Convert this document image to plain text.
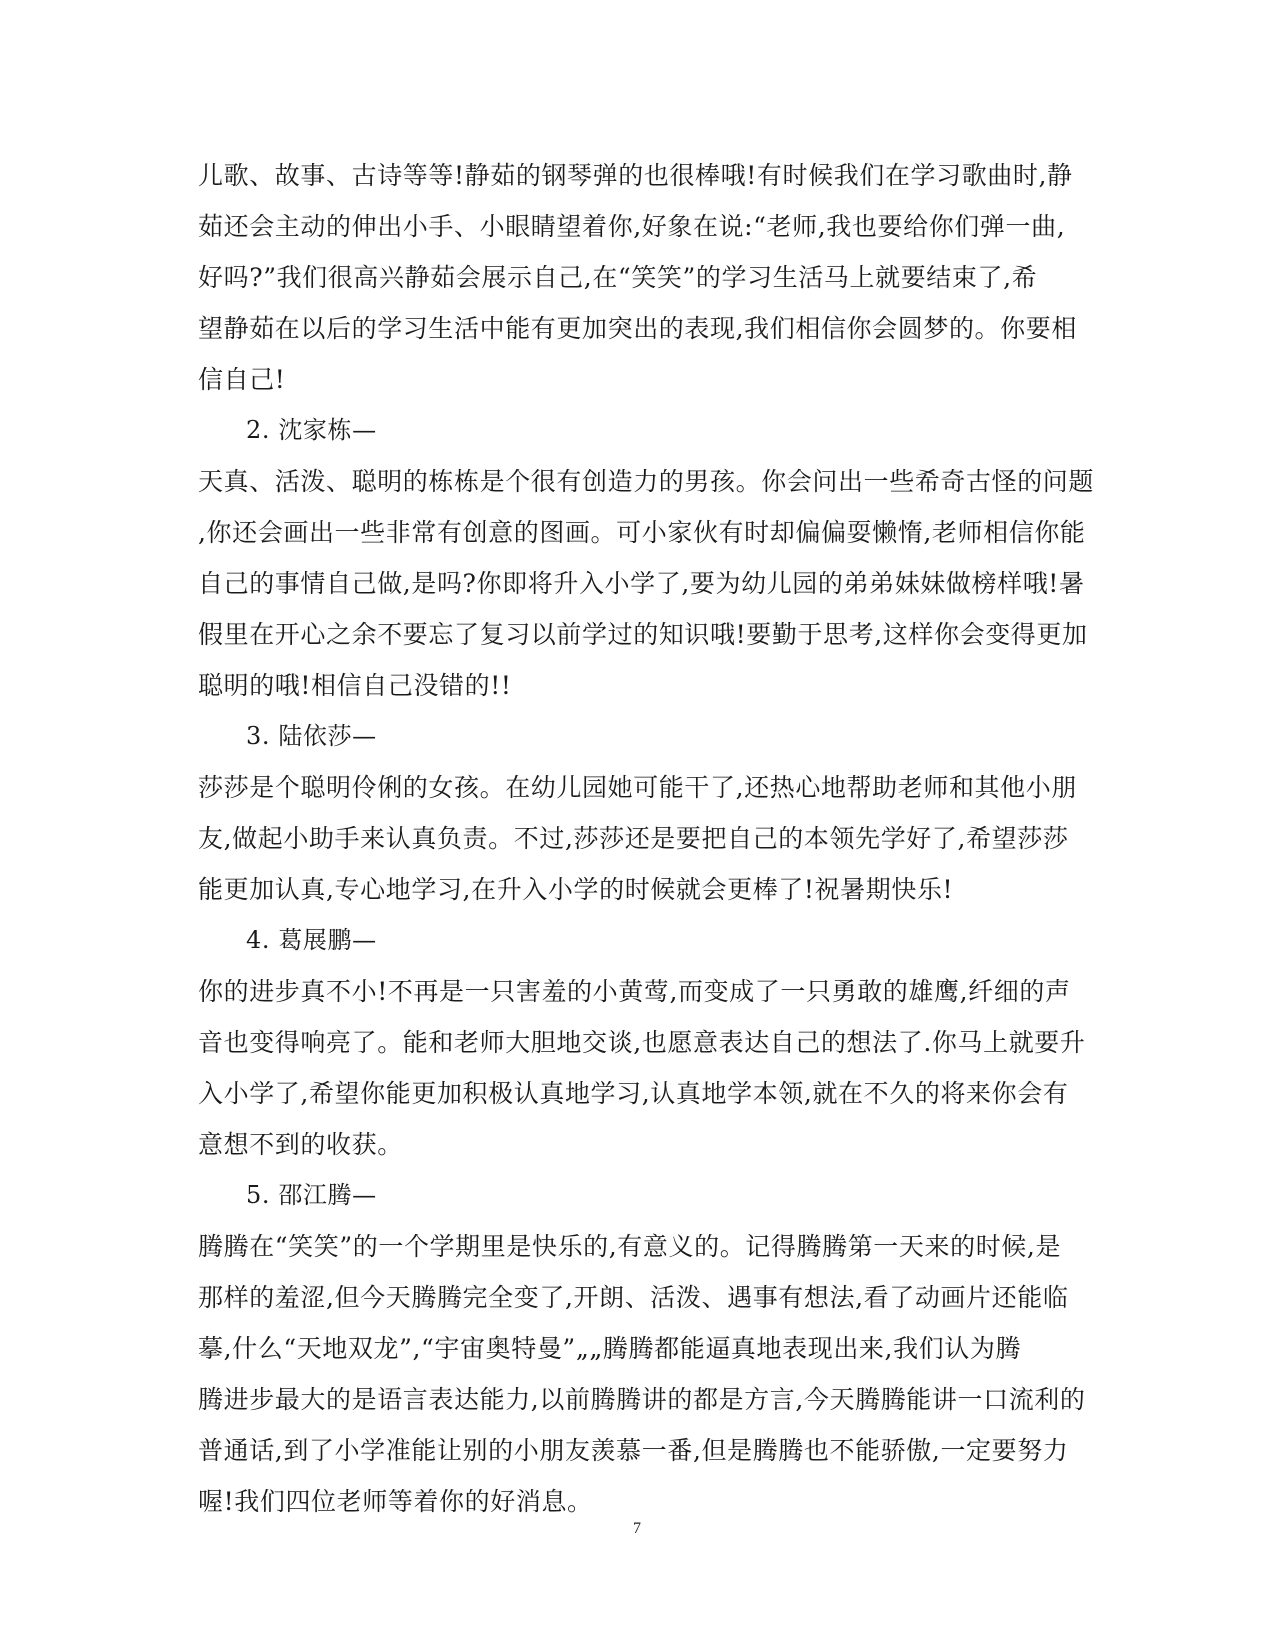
儿歌、故事、古诗等等!静茹的钢琴弹的也很棒哦!有时候我们在学习歌曲时,静
茹还会主动的伸出小手、小眼睛望着你,好象在说:“老师,我也要给你们弹一曲,
好吗?”我们很高兴静茹会展示自己,在“笑笑”的学习生活马上就要结束了,希
望静茹在以后的学习生活中能有更加突出的表现,我们相信你会圆梦的。你要相
信自己!
2. 沈家栋—
天真、活泼、聪明的栋栋是个很有创造力的男孩。你会问出一些希奇古怪的问题
,你还会画出一些非常有创意的图画。可小家伙有时却偏偏耍懒惰,老师相信你能
自己的事情自己做,是吗?你即将升入小学了,要为幼儿园的弟弟妹妹做榜样哦!暑
假里在开心之余不要忘了复习以前学过的知识哦!要勤于思考,这样你会变得更加
聪明的哦!相信自己没错的!!
3. 陆依莎—
莎莎是个聪明伶俐的女孩。在幼儿园她可能干了,还热心地帮助老师和其他小朋
友,做起小助手来认真负责。不过,莎莎还是要把自己的本领先学好了,希望莎莎
能更加认真,专心地学习,在升入小学的时候就会更棒了!祝暑期快乐!
4. 葛展鹏—
你的进步真不小!不再是一只害羞的小黄莺,而变成了一只勇敢的雄鹰,纤细的声
音也变得响亮了。能和老师大胆地交谈,也愿意表达自己的想法了.你马上就要升
入小学了,希望你能更加积极认真地学习,认真地学本领,就在不久的将来你会有
意想不到的收获。
5. 邵江腾—
腾腾在“笑笑”的一个学期里是快乐的,有意义的。记得腾腾第一天来的时候,是
那样的羞涩,但今天腾腾完全变了,开朗、活泼、遇事有想法,看了动画片还能临
摹,什么“天地双龙”,“宇宙奥特曼”„„腾腾都能逼真地表现出来,我们认为腾
腾进步最大的是语言表达能力,以前腾腾讲的都是方言,今天腾腾能讲一口流利的
普通话,到了小学准能让别的小朋友羡慕一番,但是腾腾也不能骄傲,一定要努力
喔!我们四位老师等着你的好消息。
7
